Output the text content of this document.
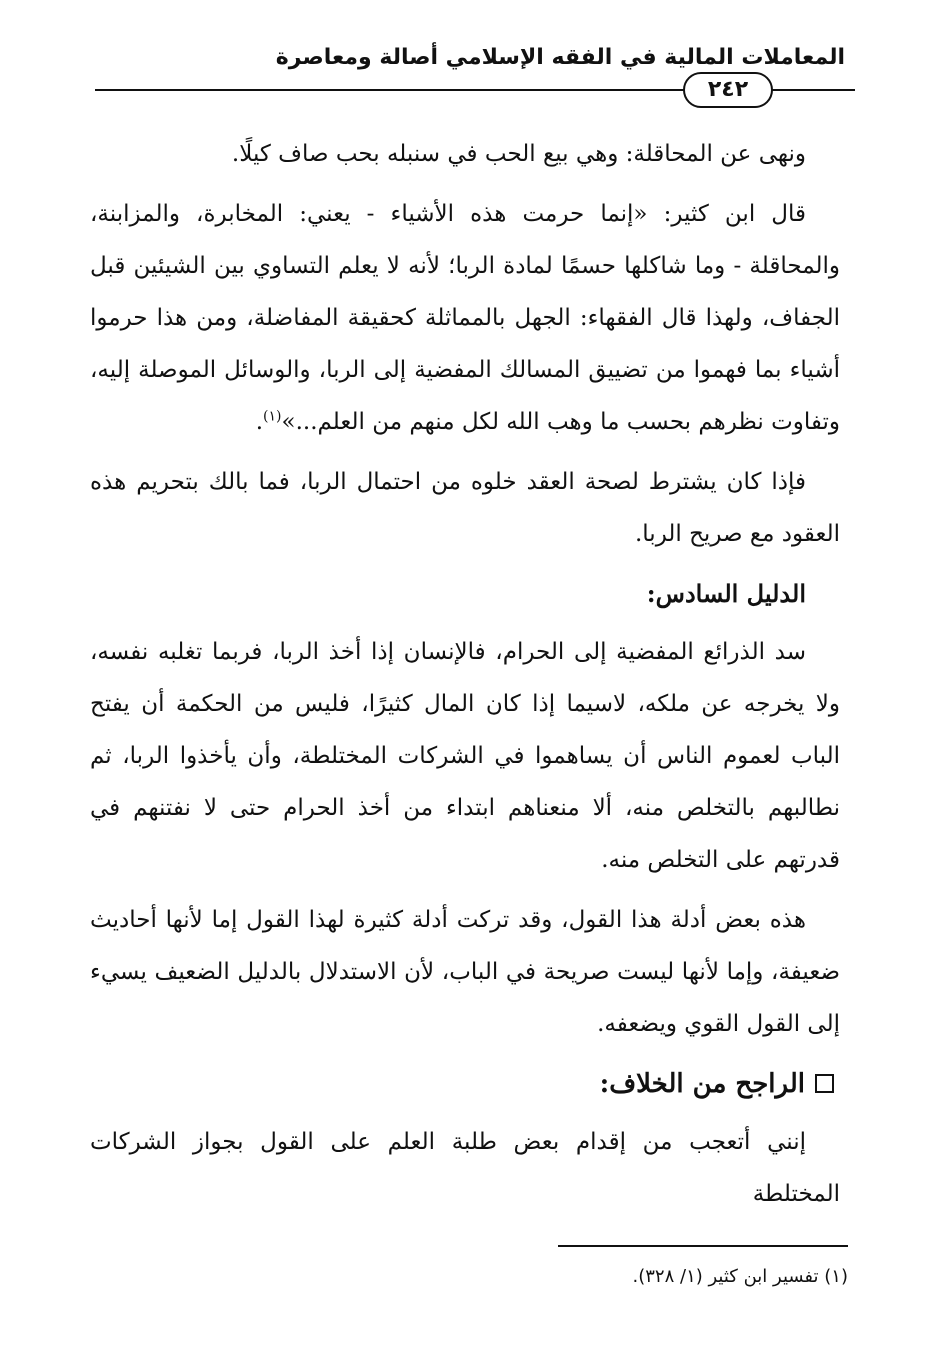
المعاملات المالية في الفقه الإسلامي أصالة ومعاصرة
٢٤٢

ونهى عن المحاقلة: وهي بيع الحب في سنبله بحب صاف كيلًا.

قال ابن كثير: «إنما حرمت هذه الأشياء - يعني: المخابرة، والمزابنة، والمحاقلة - وما شاكلها حسمًا لمادة الربا؛ لأنه لا يعلم التساوي بين الشيئين قبل الجفاف، ولهذا قال الفقهاء: الجهل بالمماثلة كحقيقة المفاضلة، ومن هذا حرموا أشياء بما فهموا من تضييق المسالك المفضية إلى الربا، والوسائل الموصلة إليه، وتفاوت نظرهم بحسب ما وهب الله لكل منهم من العلم...»$^{(١)}$.

فإذا كان يشترط لصحة العقد خلوه من احتمال الربا، فما بالك بتحريم هذه العقود مع صريح الربا.

الدليل السادس:

سد الذرائع المفضية إلى الحرام، فالإنسان إذا أخذ الربا، فربما تغلبه نفسه، ولا يخرجه عن ملكه، لاسيما إذا كان المال كثيرًا، فليس من الحكمة أن يفتح الباب لعموم الناس أن يساهموا في الشركات المختلطة، وأن يأخذوا الربا، ثم نطالبهم بالتخلص منه، ألا منعناهم ابتداء من أخذ الحرام حتى لا نفتنهم في قدرتهم على التخلص منه.

هذه بعض أدلة هذا القول، وقد تركت أدلة كثيرة لهذا القول إما لأنها أحاديث ضعيفة، وإما لأنها ليست صريحة في الباب، لأن الاستدلال بالدليل الضعيف يسيء إلى القول القوي ويضعفه.

الراجح من الخلاف:

إنني أتعجب من إقدام بعض طلبة العلم على القول بجواز الشركات المختلطة

(١) تفسير ابن كثير (١/ ٣٢٨).
